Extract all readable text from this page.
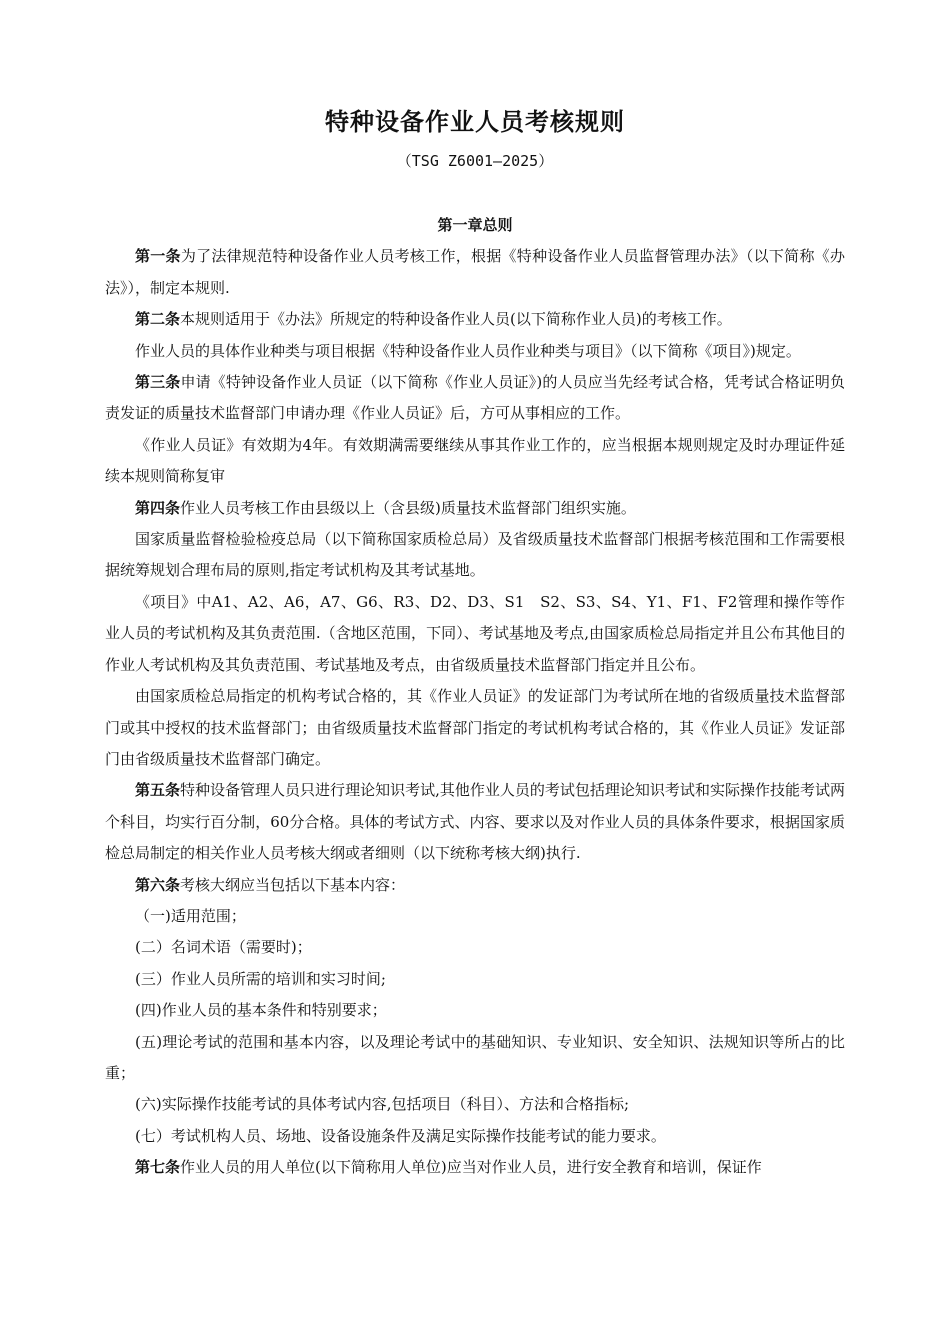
特种设备作业人员考核规则
（TSG Z6001—2025）
第一章总则

第一条为了法律规范特种设备作业人员考核工作，根据《特种设备作业人员监督管理办法》（以下简称《办法》），制定本规则.

第二条本规则适用于《办法》所规定的特种设备作业人员(以下简称作业人员)的考核工作。

作业人员的具体作业种类与项目根据《特种设备作业人员作业种类与项目》（以下简称《项目》)规定。

第三条申请《特钟设备作业人员证（以下简称《作业人员证》)的人员应当先经考试合格，凭考试合格证明负责发证的质量技术监督部门申请办理《作业人员证》后，方可从事相应的工作。

《作业人员证》有效期为4年。有效期满需要继续从事其作业工作的，应当根据本规则规定及时办理证件延续本规则简称复审

第四条作业人员考核工作由县级以上（含县级)质量技术监督部门组织实施。

国家质量监督检验检疫总局（以下简称国家质检总局）及省级质量技术监督部门根据考核范围和工作需要根据统筹规划合理布局的原则,指定考试机构及其考试基地。

《项目》中A1、A2、A6，A7、G6、R3、D2、D3、S1　S2、S3、S4、Y1、F1、F2管理和操作等作业人员的考试机构及其负责范围.（含地区范围，下同）、考试基地及考点,由国家质检总局指定并且公布其他目的作业人考试机构及其负责范围、考试基地及考点，由省级质量技术监督部门指定并且公布。

由国家质检总局指定的机构考试合格的，其《作业人员证》的发证部门为考试所在地的省级质量技术监督部门或其中授权的技术监督部门；由省级质量技术监督部门指定的考试机构考试合格的，其《作业人员证》发证部门由省级质量技术监督部门确定。

第五条特种设备管理人员只进行理论知识考试,其他作业人员的考试包括理论知识考试和实际操作技能考试两个科目，均实行百分制，60分合格。具体的考试方式、内容、要求以及对作业人员的具体条件要求，根据国家质检总局制定的相关作业人员考核大纲或者细则（以下统称考核大纲)执行.

第六条考核大纲应当包括以下基本内容：

（一)适用范围；

(二）名词术语（需要时)；

(三）作业人员所需的培训和实习时间;

(四)作业人员的基本条件和特别要求；

(五)理论考试的范围和基本内容，以及理论考试中的基础知识、专业知识、安全知识、法规知识等所占的比重；

(六)实际操作技能考试的具体考试内容,包括项目（科目）、方法和合格指标;

(七）考试机构人员、场地、设备设施条件及满足实际操作技能考试的能力要求。

第七条作业人员的用人单位(以下简称用人单位)应当对作业人员，进行安全教育和培训，保证作
